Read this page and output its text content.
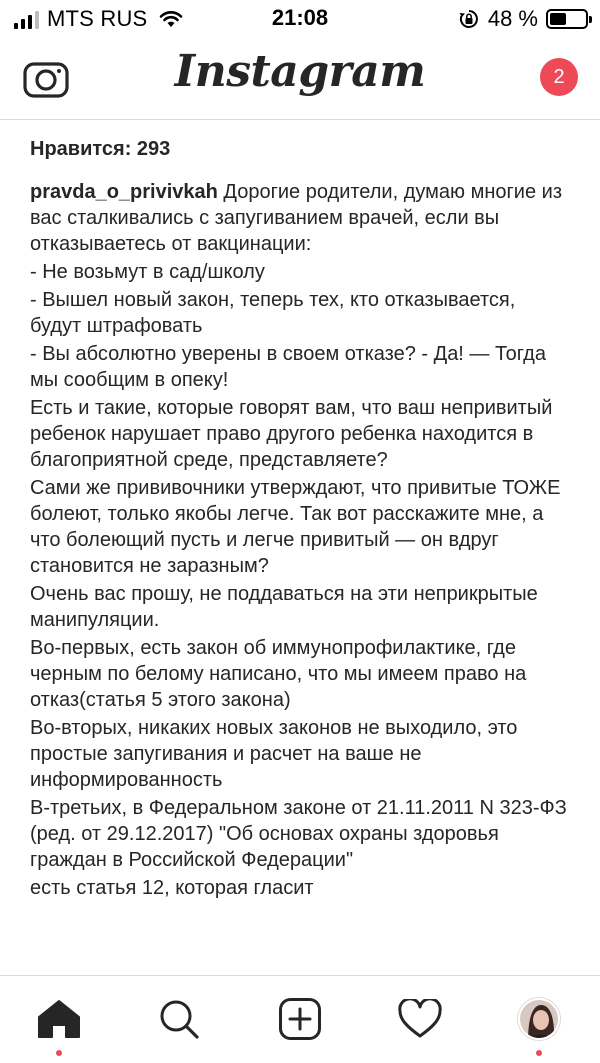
MTS RUS	21:08	48 %
Instagram	2
Нравится: 293

pravda_o_privivkah Дорогие родители, думаю многие из вас сталкивались с запугиванием врачей, если вы отказываетесь от вакцинации:

- Не возьмут в сад/школу

- Вышел новый закон, теперь тех, кто отказывается, будут штрафовать

- Вы абсолютно уверены в своем отказе? - Да! — Тогда мы сообщим в опеку!

Есть и такие, которые говорят вам, что ваш непривитый ребенок нарушает право другого ребенка находится в благоприятной среде, представляете?

Сами же прививочники утверждают, что привитые ТОЖЕ болеют, только якобы легче. Так вот расскажите мне, а что болеющий пусть и легче привитый — он вдруг становится не заразным?

Очень вас прошу, не поддаваться на эти неприкрытые манипуляции.

Во-первых, есть закон об иммунопрофилактике, где черным по белому написано, что мы имеем право на отказ(статья 5 этого закона)

Во-вторых, никаких новых законов не выходило, это простые запугивания и расчет на ваше не информированность

В-третьих, в Федеральном законе от 21.11.2011 N 323-ФЗ (ред. от 29.12.2017) "Об основах охраны здоровья граждан в Российской Федерации"

есть статья 12, которая гласит
